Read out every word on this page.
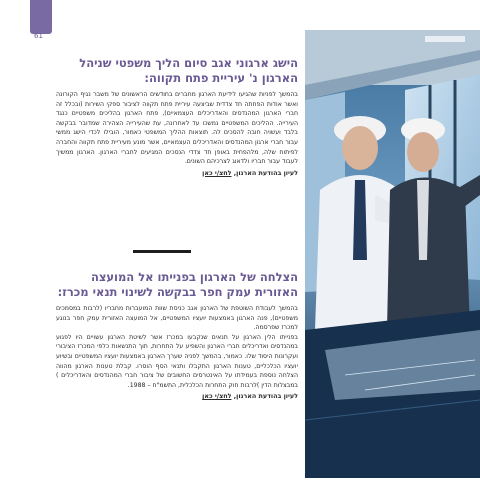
61
הישג ארגוני אגב סיום הליך משפטי שניהל
הארגון נ' עיריית פתח תקווה:

בהמשך לפניות שהגיעו לידיעת הארגון מחברים בחודשים הראשונים של משבר נגיף הקורונה ואשר אודות הפחתה חד צדדית שביצעה עיריית פתח תקווה לציבור ספקי השירות (ובכלל זה חברי הארגון המהנדסים והאדריכלים העצמאיים), פתח הארגון בהליכים משפטיים כנגד העירייה. ההליכים המשפטיים נמשכו עד לאחרונה, עת שהעירייה הצהירה שמדובר בבקשה בלבד ועשויה חובה להסכים לה. תוצאות ההליך המשפטי כאמור, הובילו לכדי הישג ממשי עבור חברי ארגון המהנדסים והאדריכלים העצמאיים, אשר מונע מעיריית פתח תקווה והחברה לפיתוח שלה, מלהפחית באופן חד צדדי הנסכים המגיעים לחברי הארגון. הארגון ממשיך לעבוד עבור חבריו ולדאוג לצרכיהם השונים.

לעיון בהודעת הארגון, לחצ/י כאן
הצלחה של הארגון בפנייתו אל המועצה
האזורית עמק חפר בבקשה לשינוי תנאי מכרז:

בהמשך לעבודת השוטפת של הארגון אגב כניסת שוות המועברות מחבריו (לרבות במסמכים משפטיים), פנה הארגון באמצעות יועציו המשפטיים, אל המועצה האזורית עמק חפר בנוגע למכרז שפרסמה.

בפנייתו הלין הארגון על תנאים שנקבעו במכרז אשר לשיטת הארגון עשויים היו לפגוע במהנדסים ואדריכלים חברי הארגון והשפיע על התחרות, תוך התנשאות כלפי המכרז הציבורי ועקרונות היסוד שלו. כאמור, בהמשך לפניה שערך הארגון באמצעות יועציו המשפטיים ובשיוע יועציו הכלכליים, טענות הארגון התקבלו ותנאי הסף הוסרו. קבלת טענות הארגון מהווה הצלחה נוספת בעמידתו על האינטרסים החשובים של ציבור חברי המהנדסים והאדריכלים ) במבצלות הדין )לרבות חוק התחרות הכלכלית, התשמ"ח – 1988.

לעיון בהודעת הארגון, לחצ/י כאן
